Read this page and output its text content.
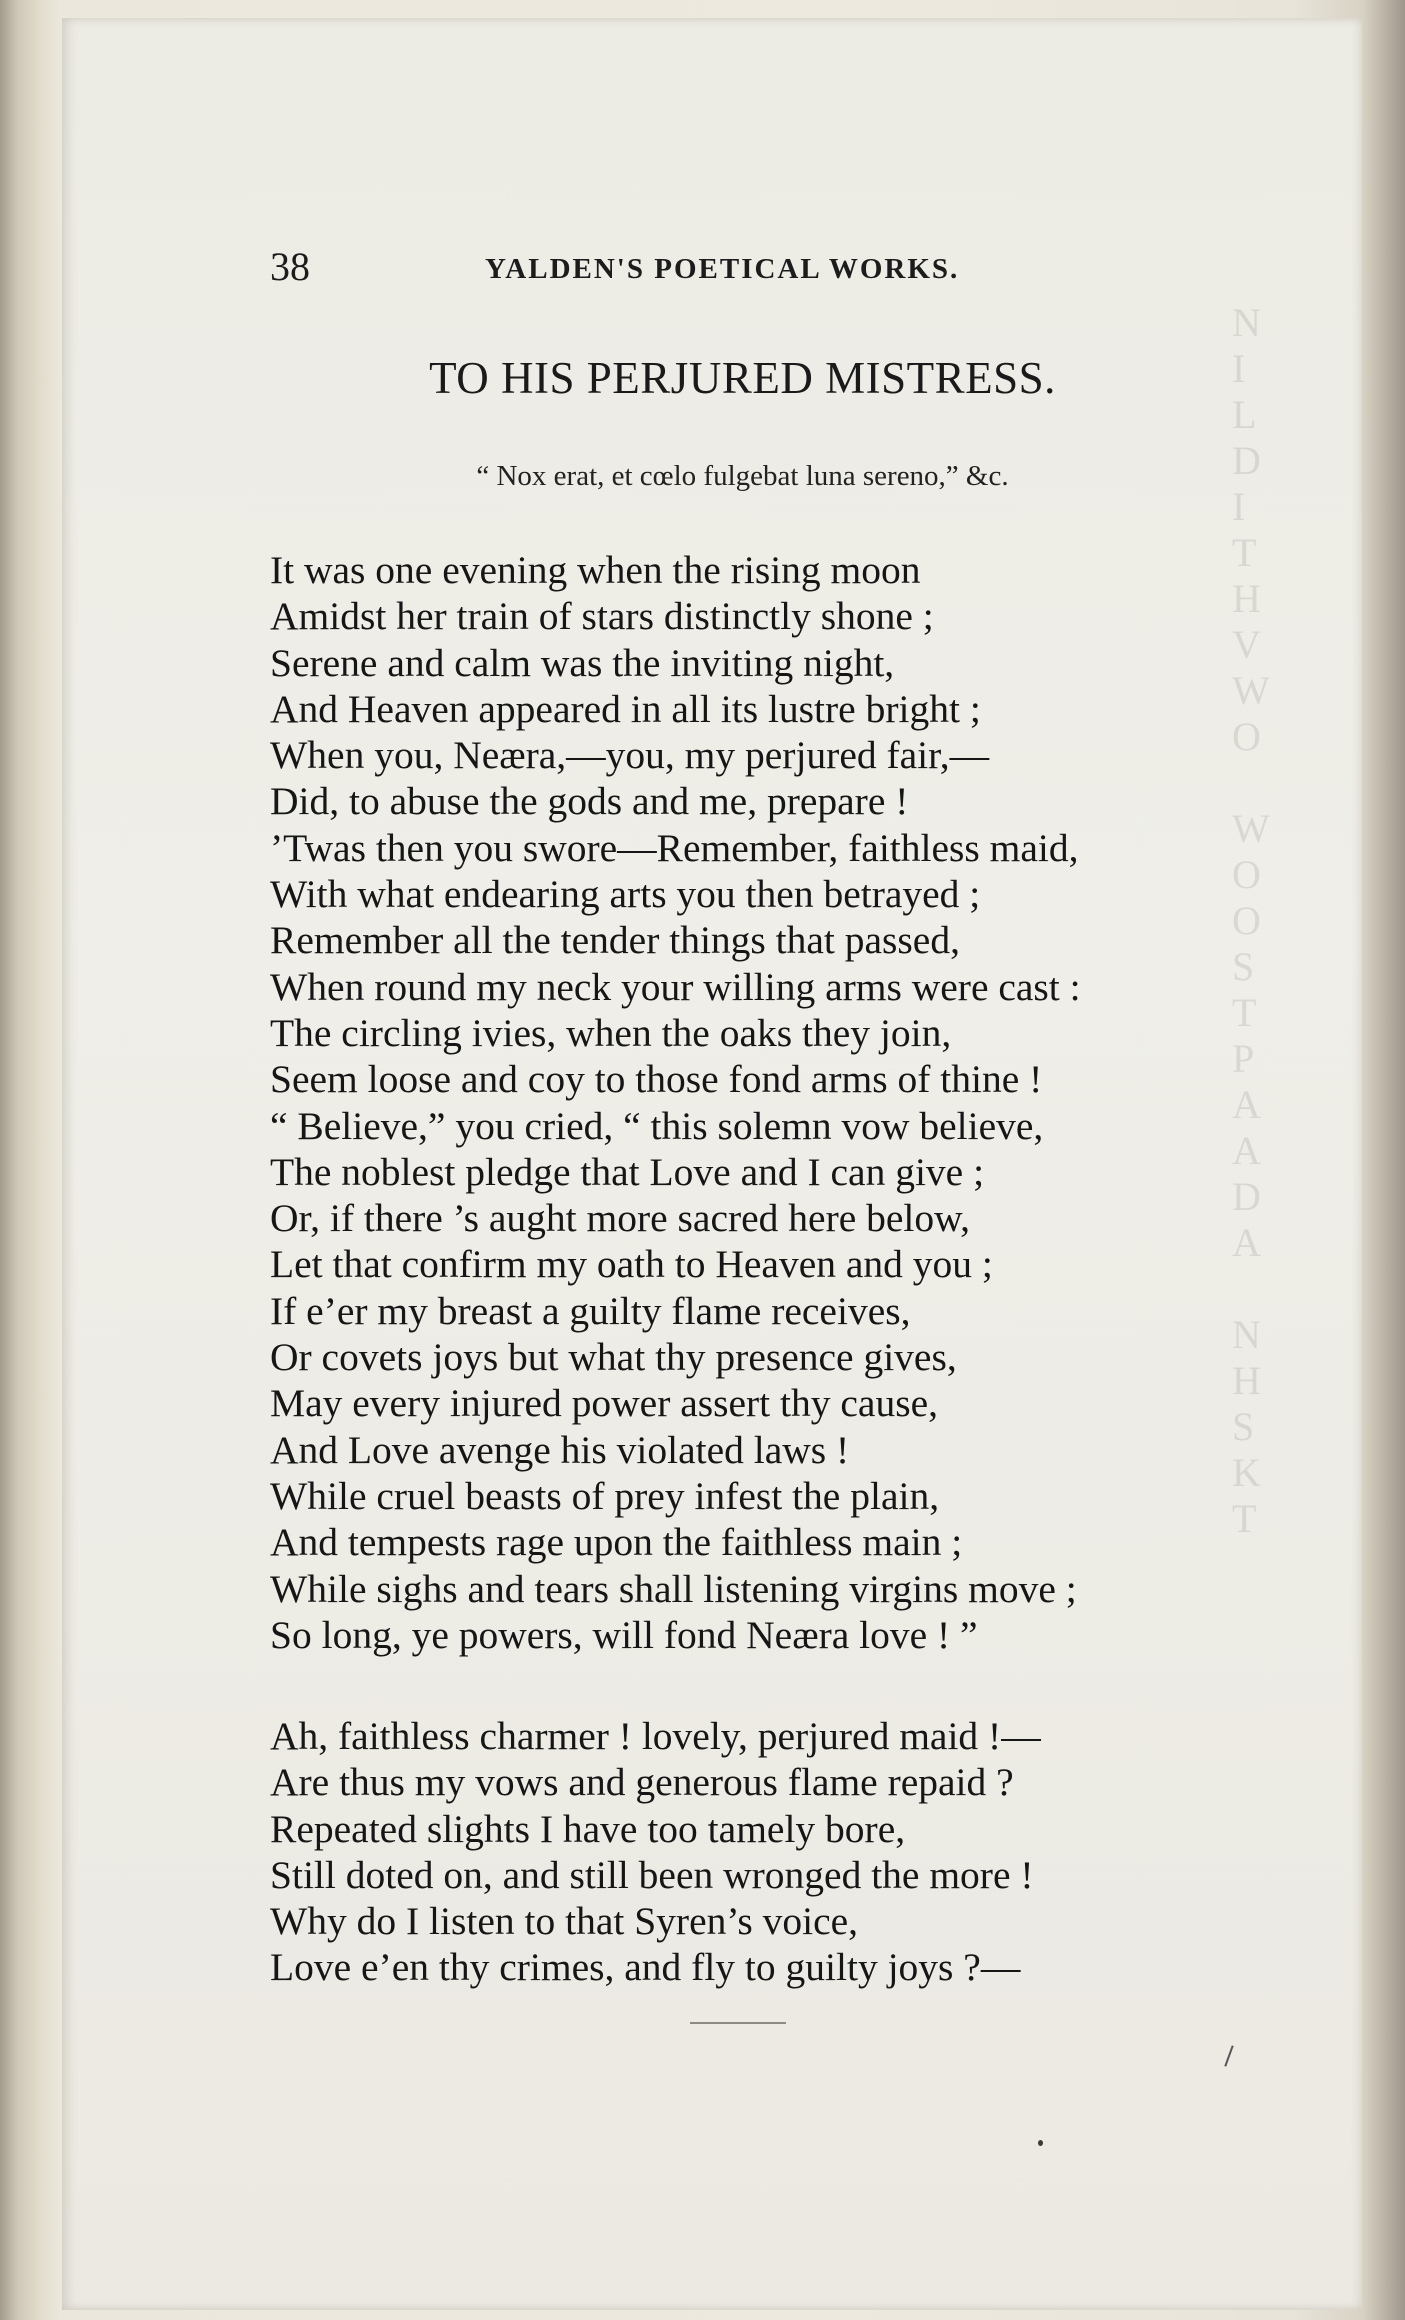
N
I
L
D
I
T
H
V
W
O

W
O
O
S
T
P
A
A
D
A

N
H
S
K
T
38	YALDEN'S POETICAL WORKS.
TO HIS PERJURED MISTRESS.
“ Nox erat, et cœlo fulgebat luna sereno,” &c.
It was one evening when the rising moon
Amidst her train of stars distinctly shone ;
Serene and calm was the inviting night,
And Heaven appeared in all its lustre bright ;
When you, Neæra,—you, my perjured fair,—
Did, to abuse the gods and me, prepare !
’Twas then you swore—Remember, faithless maid,
With what endearing arts you then betrayed ;
Remember all the tender things that passed,
When round my neck your willing arms were cast :
The circling ivies, when the oaks they join,
Seem loose and coy to those fond arms of thine !
“ Believe,” you cried, “ this solemn vow believe,
The noblest pledge that Love and I can give ;
Or, if there ’s aught more sacred here below,
Let that confirm my oath to Heaven and you ;
If e’er my breast a guilty flame receives,
Or covets joys but what thy presence gives,
May every injured power assert thy cause,
And Love avenge his violated laws !
While cruel beasts of prey infest the plain,
And tempests rage upon the faithless main ;
While sighs and tears shall listening virgins move ;
So long, ye powers, will fond Neæra love ! ”
Ah, faithless charmer ! lovely, perjured maid !—
Are thus my vows and generous flame repaid ?
Repeated slights I have too tamely bore,
Still doted on, and still been wronged the more !
Why do I listen to that Syren’s voice,
Love e’en thy crimes, and fly to guilty joys ?—
